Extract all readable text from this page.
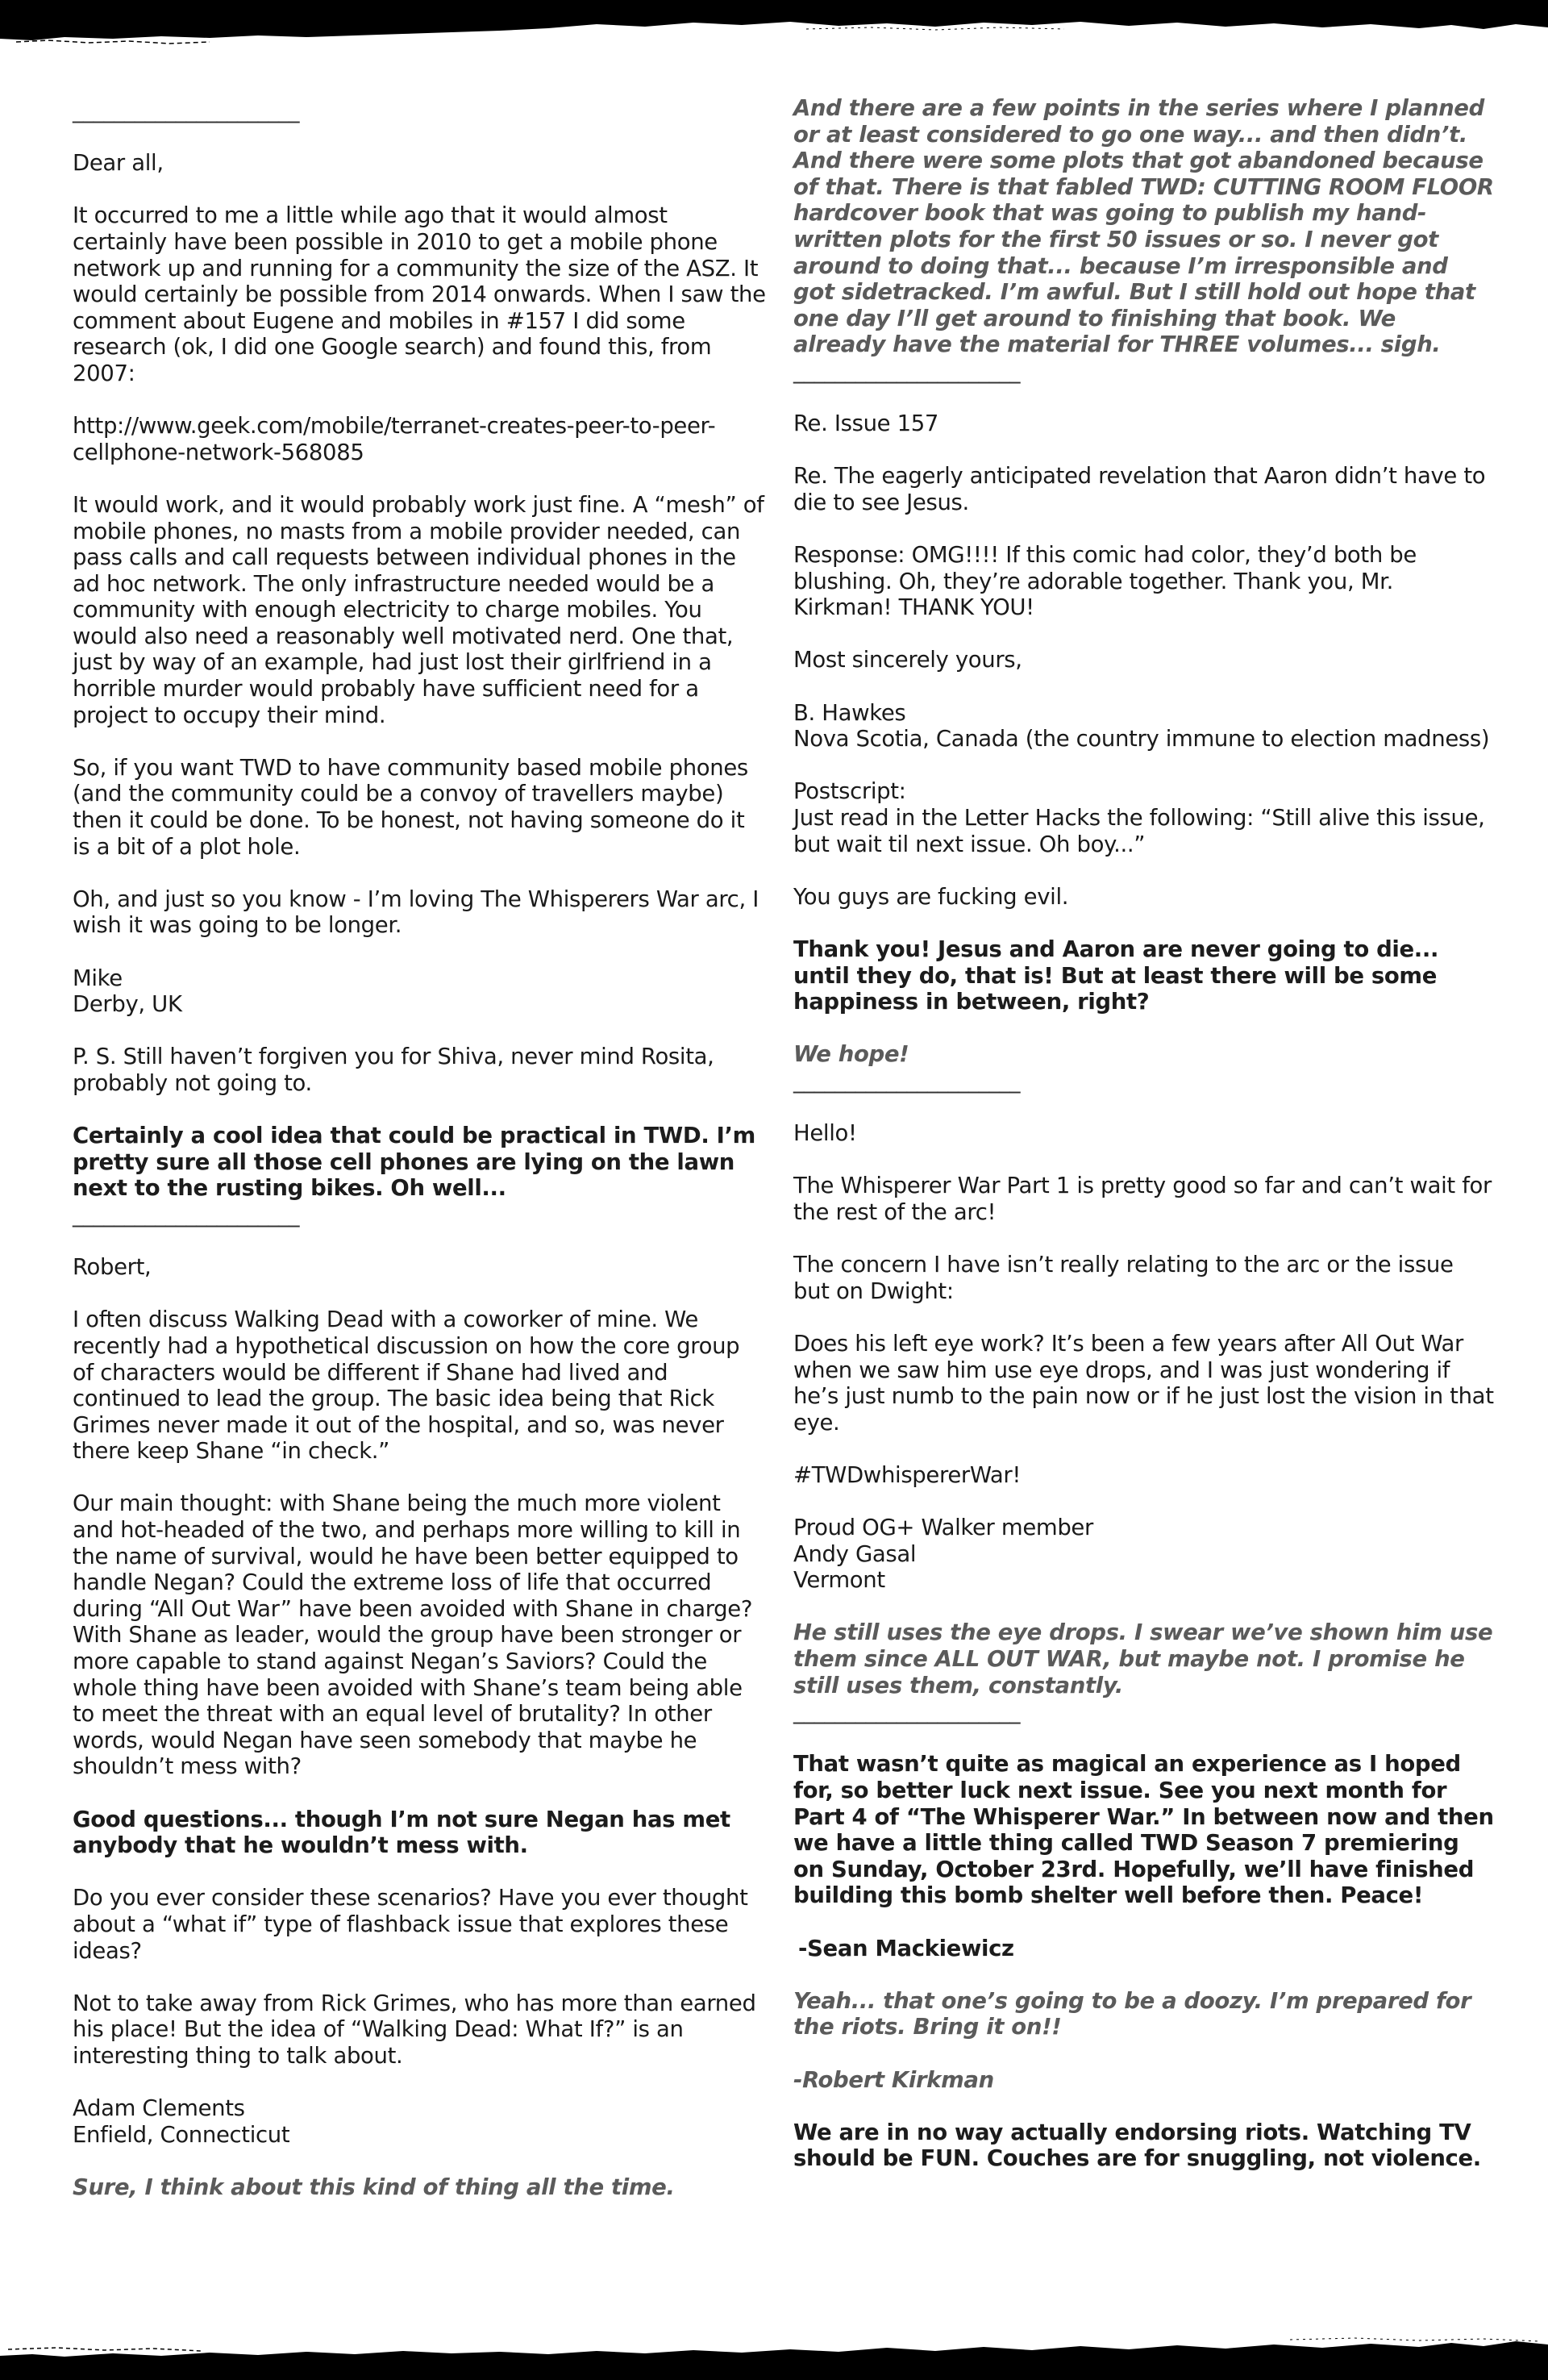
______________________

Dear all,

It occurred to me a little while ago that it would almost certainly have been possible in 2010 to get a mobile phone network up and running for a community the size of the ASZ. It would certainly be possible from 2014 onwards. When I saw the comment about Eugene and mobiles in #157 I did some research (ok, I did one Google search) and found this, from 2007:

http://www.geek.com/mobile/terranet-creates-peer-to-peer-cellphone-network-568085

It would work, and it would probably work just fine. A “mesh” of mobile phones, no masts from a mobile provider needed, can pass calls and call requests between individual phones in the ad hoc network. The only infrastructure needed would be a community with enough electricity to charge mobiles. You would also need a reasonably well motivated nerd. One that, just by way of an example, had just lost their girlfriend in a horrible murder would probably have sufficient need for a project to occupy their mind.

So, if you want TWD to have community based mobile phones (and the community could be a convoy of travellers maybe) then it could be done. To be honest, not having someone do it is a bit of a plot hole.

Oh, and just so you know - I’m loving The Whisperers War arc, I wish it was going to be longer.

Mike

Derby, UK

P. S. Still haven’t forgiven you for Shiva, never mind Rosita, probably not going to.

Certainly a cool idea that could be practical in TWD. I’m pretty sure all those cell phones are lying on the lawn next to the rusting bikes. Oh well...

______________________

Robert,

I often discuss Walking Dead with a coworker of mine. We recently had a hypothetical discussion on how the core group of characters would be different if Shane had lived and continued to lead the group. The basic idea being that Rick Grimes never made it out of the hospital, and so, was never there keep Shane “in check.”

Our main thought: with Shane being the much more violent and hot-headed of the two, and perhaps more willing to kill in the name of survival, would he have been better equipped to handle Negan? Could the extreme loss of life that occurred during “All Out War” have been avoided with Shane in charge? With Shane as leader, would the group have been stronger or more capable to stand against Negan’s Saviors? Could the whole thing have been avoided with Shane’s team being able to meet the threat with an equal level of brutality? In other words, would Negan have seen somebody that maybe he shouldn’t mess with?

Good questions... though I’m not sure Negan has met anybody that he wouldn’t mess with.

Do you ever consider these scenarios? Have you ever thought about a “what if” type of flashback issue that explores these ideas?

Not to take away from Rick Grimes, who has more than earned his place! But the idea of “Walking Dead: What If?” is an interesting thing to talk about.

Adam Clements

Enfield, Connecticut

Sure, I think about this kind of thing all the time.

And there are a few points in the series where I planned or at least considered to go one way... and then didn’t. And there were some plots that got abandoned because of that. There is that fabled TWD: CUTTING ROOM FLOOR hardcover book that was going to publish my hand-written plots for the first 50 issues or so. I never got around to doing that... because I’m irresponsible and got sidetracked. I’m awful. But I still hold out hope that one day I’ll get around to finishing that book. We already have the material for THREE volumes... sigh.

______________________

Re. Issue 157

Re. The eagerly anticipated revelation that Aaron didn’t have to die to see Jesus.

Response: OMG!!!! If this comic had color, they’d both be blushing. Oh, they’re adorable together. Thank you, Mr. Kirkman! THANK YOU!

Most sincerely yours,

B. Hawkes

Nova Scotia, Canada (the country immune to election madness)

Postscript:

Just read in the Letter Hacks the following: “Still alive this issue, but wait til next issue. Oh boy...”

You guys are fucking evil.

Thank you! Jesus and Aaron are never going to die... until they do, that is! But at least there will be some happiness in between, right?

We hope!

______________________

Hello!

The Whisperer War Part 1 is pretty good so far and can’t wait for the rest of the arc!

The concern I have isn’t really relating to the arc or the issue but on Dwight:

Does his left eye work? It’s been a few years after All Out War when we saw him use eye drops, and I was just wondering if he’s just numb to the pain now or if he just lost the vision in that eye.

#TWDwhispererWar!

Proud OG+ Walker member

Andy Gasal

Vermont

He still uses the eye drops. I swear we’ve shown him use them since ALL OUT WAR, but maybe not. I promise he still uses them, constantly.

______________________

That wasn’t quite as magical an experience as I hoped for, so better luck next issue. See you next month for Part 4 of “The Whisperer War.” In between now and then we have a little thing called TWD Season 7 premiering on Sunday, October 23rd. Hopefully, we’ll have finished building this bomb shelter well before then. Peace!

-Sean Mackiewicz

Yeah... that one’s going to be a doozy. I’m prepared for the riots. Bring it on!!

-Robert Kirkman

We are in no way actually endorsing riots. Watching TV should be FUN. Couches are for snuggling, not violence.
